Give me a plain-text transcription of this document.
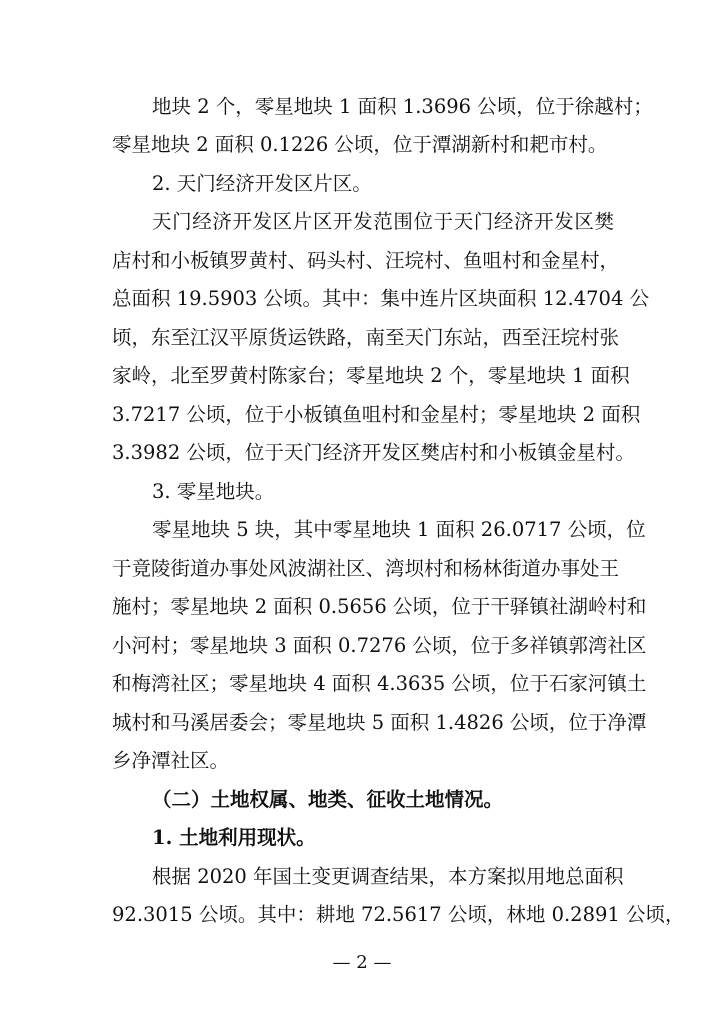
地块 2 个，零星地块 1 面积 1.3696 公顷，位于徐越村；
零星地块 2 面积 0.1226 公顷，位于潭湖新村和耙市村。
2. 天门经济开发区片区。
天门经济开发区片区开发范围位于天门经济开发区樊
店村和小板镇罗黄村、码头村、汪垸村、鱼咀村和金星村，
总面积 19.5903 公顷。其中：集中连片区块面积 12.4704 公
顷，东至江汉平原货运铁路，南至天门东站，西至汪垸村张
家岭，北至罗黄村陈家台；零星地块 2 个，零星地块 1 面积
3.7217 公顷，位于小板镇鱼咀村和金星村；零星地块 2 面积
3.3982 公顷，位于天门经济开发区樊店村和小板镇金星村。
3. 零星地块。
零星地块 5 块，其中零星地块 1 面积 26.0717 公顷，位
于竟陵街道办事处风波湖社区、湾坝村和杨林街道办事处王
施村；零星地块 2 面积 0.5656 公顷，位于干驿镇社湖岭村和
小河村；零星地块 3 面积 0.7276 公顷，位于多祥镇郭湾社区
和梅湾社区；零星地块 4 面积 4.3635 公顷，位于石家河镇土
城村和马溪居委会；零星地块 5 面积 1.4826 公顷，位于净潭
乡净潭社区。
（二）土地权属、地类、征收土地情况。
1. 土地利用现状。
根据 2020 年国土变更调查结果，本方案拟用地总面积
92.3015 公顷。其中：耕地 72.5617 公顷，林地 0.2891 公顷，
— 2 —
